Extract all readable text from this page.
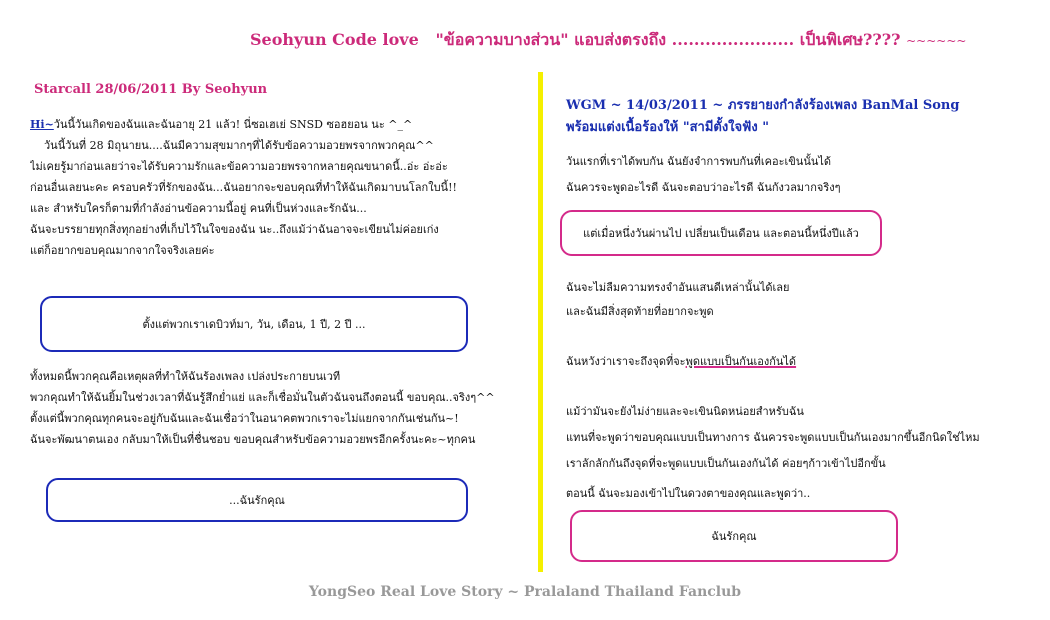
Seohyun Code love "ข้อความบางส่วน" แอบส่งตรงถึง ...................... เป็นพิเศษ???? ~~~~~~
Starcall 28/06/2011 By Seohyun
Hi~วันนี้วันเกิดของฉันและฉันอายุ 21 แล้ว! นี่ซอเฮเย่ SNSD ซอฮยอน นะ ^_^
วันนี้วันที่ 28 มิถุนายน....ฉันมีความสุขมากๆที่ได้รับข้อความอวยพรจากพวกคุณ^^
ไม่เคยรู้มาก่อนเลยว่าจะได้รับความรักและข้อความอวยพรจากหลายคุณขนาดนี้..อ่ะ อ่ะอ่ะ
ก่อนอื่นเลยนะคะ ครอบครัวที่รักของฉัน...ฉันอยากจะขอบคุณที่ทำให้ฉันเกิดมาบนโลกใบนี้!!
และ สำหรับใครก็ตามที่กำลังอ่านข้อความนี้อยู่ คนที่เป็นห่วงและรักฉัน...
ฉันจะบรรยายทุกสิ่งทุกอย่างที่เก็บไว้ในใจของฉัน นะ..ถึงแม้ว่าฉันอาจจะเขียนไม่ค่อยเก่ง
แต่ก็อยากขอบคุณมากจากใจจริงเลยค่ะ
ตั้งแต่พวกเราเดบิวท์มา, วัน, เดือน, 1 ปี, 2 ปี ...
ทั้งหมดนี้พวกคุณคือเหตุผลที่ทำให้ฉันร้องเพลง เปล่งประกายบนเวที
พวกคุณทำให้ฉันยิ้มในช่วงเวลาที่ฉันรู้สึกย่ำแย่ และก็เชื่อมั่นในตัวฉันจนถึงตอนนี้ ขอบคุณ..จริงๆ^^
ตั้งแต่นี้พวกคุณทุกคนจะอยู่กับฉันและฉันเชื่อว่าในอนาคตพวกเราจะไม่แยกจากกันเช่นกัน~!
ฉันจะพัฒนาตนเอง กลับมาให้เป็นที่ชื่นชอบ ขอบคุณสำหรับข้อความอวยพรอีกครั้งนะคะ~ทุกคน
...ฉันรักคุณ
WGM ~ 14/03/2011 ~ ภรรยายงกำลังร้องเพลง BanMal Song
พร้อมแต่งเนื้อร้องให้ "สามีตั้งใจฟัง "
วันแรกที่เราได้พบกัน ฉันยังจำการพบกันที่เคอะเขินนั้นได้
ฉันควรจะพูดอะไรดี ฉันจะตอบว่าอะไรดี ฉันกังวลมากจริงๆ
แต่เมื่อหนึ่งวันผ่านไป เปลี่ยนเป็นเดือน และตอนนี้หนึ่งปีแล้ว
ฉันจะไม่ลืมความทรงจำอันแสนดีเหล่านั้นได้เลย
และฉันมีสิ่งสุดท้ายที่อยากจะพูด
ฉันหวังว่าเราจะถึงจุดที่จะพูดแบบเป็นกันเองกันได้
แม้ว่ามันจะยังไม่ง่ายและจะเขินนิดหน่อยสำหรับฉัน
แทนที่จะพูดว่าขอบคุณแบบเป็นทางการ ฉันควรจะพูดแบบเป็นกันเองมากขึ้นอีกนิดใช่ไหม
เราลักลักกันถึงจุดที่จะพูดแบบเป็นกันเองกันได้ ค่อยๆก้าวเข้าไปอีกขั้น
ตอนนี้ ฉันจะมองเข้าไปในดวงตาของคุณและพูดว่า..
ฉันรักคุณ
YongSeo Real Love Story ~ Pralaland Thailand Fanclub
